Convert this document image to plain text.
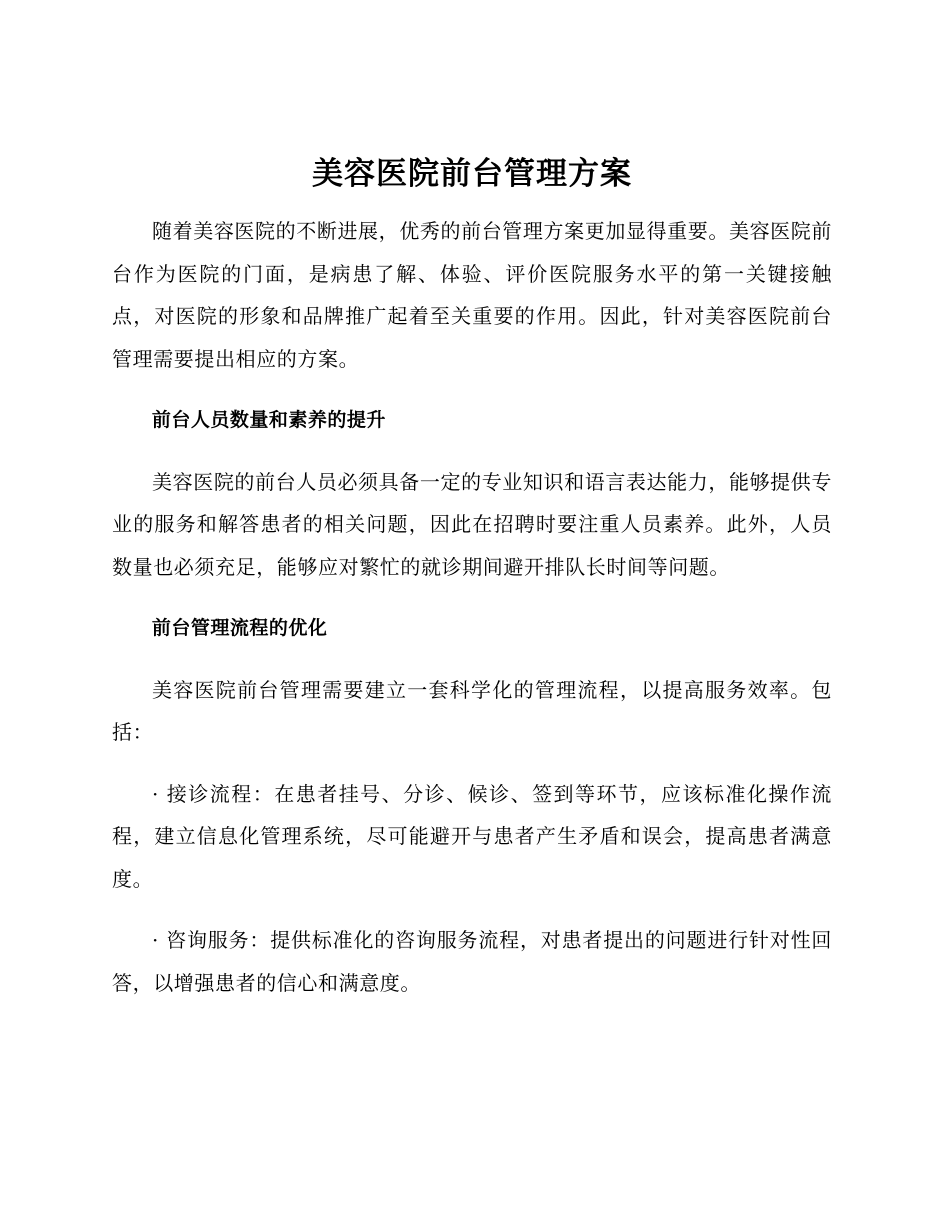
美容医院前台管理方案

随着美容医院的不断进展，优秀的前台管理方案更加显得重要。美容医院前台作为医院的门面，是病患了解、体验、评价医院服务水平的第一关键接触点，对医院的形象和品牌推广起着至关重要的作用。因此，针对美容医院前台管理需要提出相应的方案。

前台人员数量和素养的提升

美容医院的前台人员必须具备一定的专业知识和语言表达能力，能够提供专业的服务和解答患者的相关问题，因此在招聘时要注重人员素养。此外，人员数量也必须充足，能够应对繁忙的就诊期间避开排队长时间等问题。

前台管理流程的优化

美容医院前台管理需要建立一套科学化的管理流程，以提高服务效率。包括：

· 接诊流程：在患者挂号、分诊、候诊、签到等环节，应该标准化操作流程，建立信息化管理系统，尽可能避开与患者产生矛盾和误会，提高患者满意度。

· 咨询服务：提供标准化的咨询服务流程，对患者提出的问题进行针对性回答，以增强患者的信心和满意度。
